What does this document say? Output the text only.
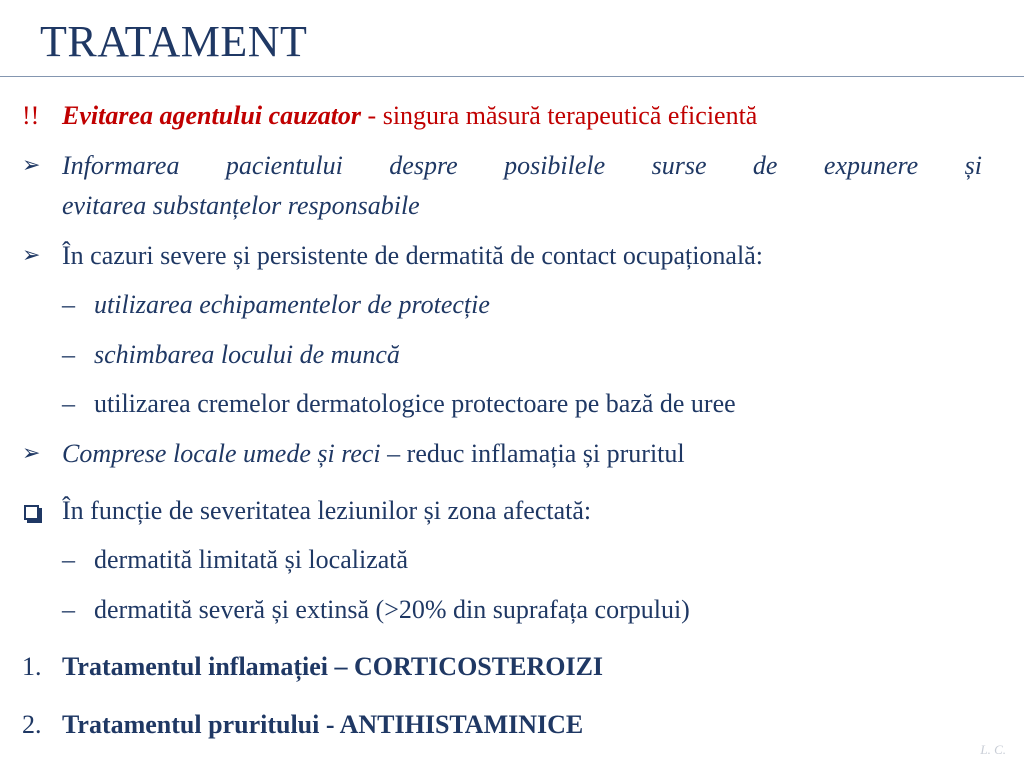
TRATAMENT
!! Evitarea agentului cauzator - singura măsură terapeutică eficientă
➢ Informarea pacientului despre posibilele surse de expunere și
evitarea substanțelor responsabile
➢ În cazuri severe și persistente de dermatită de contact ocupațională:
– utilizarea echipamentelor de protecție
– schimbarea locului de muncă
– utilizarea cremelor dermatologice protectoare pe bază de uree
➢ Comprese locale umede și reci – reduc inflamația și pruritul
În funcție de severitatea leziunilor și zona afectată:
– dermatită limitată și localizată
– dermatită severă și extinsă (>20% din suprafața corpului)
1. Tratamentul inflamației – CORTICOSTEROIZI
2. Tratamentul pruritului - ANTIHISTAMINICE
L. C.
